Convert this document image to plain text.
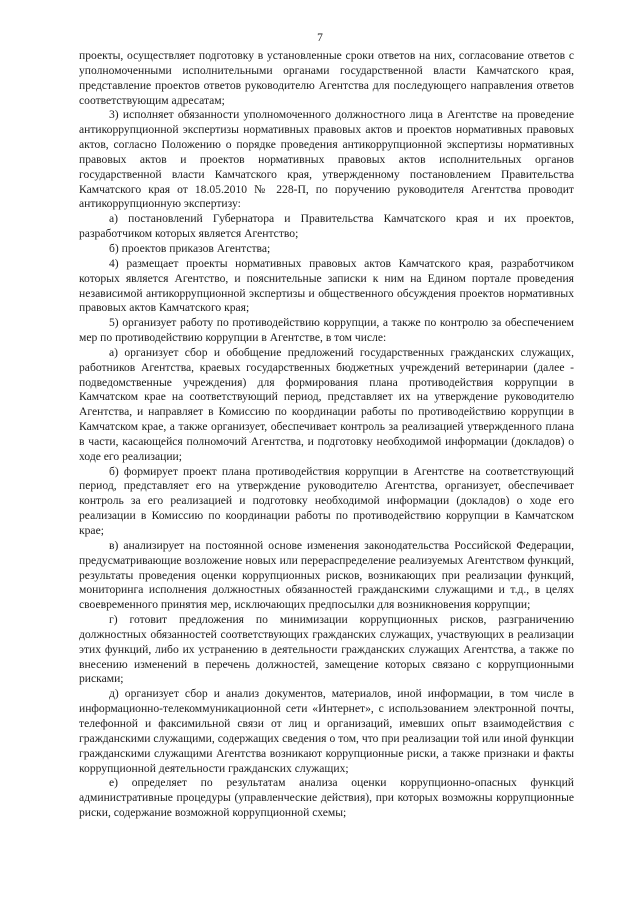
7

проекты, осуществляет подготовку в установленные сроки ответов на них, согласование ответов с уполномоченными исполнительными органами государственной власти Камчатского края, представление проектов ответов руководителю Агентства для последующего направления ответов соответствующим адресатам;

3) исполняет обязанности уполномоченного должностного лица в Агентстве на проведение антикоррупционной экспертизы нормативных правовых актов и проектов нормативных правовых актов, согласно Положению о порядке проведения антикоррупционной экспертизы нормативных правовых актов и проектов нормативных правовых актов исполнительных органов государственной власти Камчатского края, утвержденному постановлением Правительства Камчатского края от 18.05.2010 № 228-П, по поручению руководителя Агентства проводит антикоррупционную экспертизу:

а) постановлений Губернатора и Правительства Камчатского края и их проектов, разработчиком которых является Агентство;

б) проектов приказов Агентства;

4) размещает проекты нормативных правовых актов Камчатского края, разработчиком которых является Агентство, и пояснительные записки к ним на Едином портале проведения независимой антикоррупционной экспертизы и общественного обсуждения проектов нормативных правовых актов Камчатского края;

5) организует работу по противодействию коррупции, а также по контролю за обеспечением мер по противодействию коррупции в Агентстве, в том числе:

а) организует сбор и обобщение предложений государственных гражданских служащих, работников Агентства, краевых государственных бюджетных учреждений ветеринарии (далее - подведомственные учреждения) для формирования плана противодействия коррупции в Камчатском крае на соответствующий период, представляет их на утверждение руководителю Агентства, и направляет в Комиссию по координации работы по противодействию коррупции в Камчатском крае, а также организует, обеспечивает контроль за реализацией утвержденного плана в части, касающейся полномочий Агентства, и подготовку необходимой информации (докладов) о ходе его реализации;

б) формирует проект плана противодействия коррупции в Агентстве на соответствующий период, представляет его на утверждение руководителю Агентства, организует, обеспечивает контроль за его реализацией и подготовку необходимой информации (докладов) о ходе его реализации в Комиссию по координации работы по противодействию коррупции в Камчатском крае;

в) анализирует на постоянной основе изменения законодательства Российской Федерации, предусматривающие возложение новых или перераспределение реализуемых Агентством функций, результаты проведения оценки коррупционных рисков, возникающих при реализации функций, мониторинга исполнения должностных обязанностей гражданскими служащими и т.д., в целях своевременного принятия мер, исключающих предпосылки для возникновения коррупции;

г) готовит предложения по минимизации коррупционных рисков, разграничению должностных обязанностей соответствующих гражданских служащих, участвующих в реализации этих функций, либо их устранению в деятельности гражданских служащих Агентства, а также по внесению изменений в перечень должностей, замещение которых связано с коррупционными рисками;

д) организует сбор и анализ документов, материалов, иной информации, в том числе в информационно-телекоммуникационной сети «Интернет», с использованием электронной почты, телефонной и факсимильной связи от лиц и организаций, имевших опыт взаимодействия с гражданскими служащими, содержащих сведения о том, что при реализации той или иной функции гражданскими служащими Агентства возникают коррупционные риски, а также признаки и факты коррупционной деятельности гражданских служащих;

е) определяет по результатам анализа оценки коррупционно-опасных функций административные процедуры (управленческие действия), при которых возможны коррупционные риски, содержание возможной коррупционной схемы;
